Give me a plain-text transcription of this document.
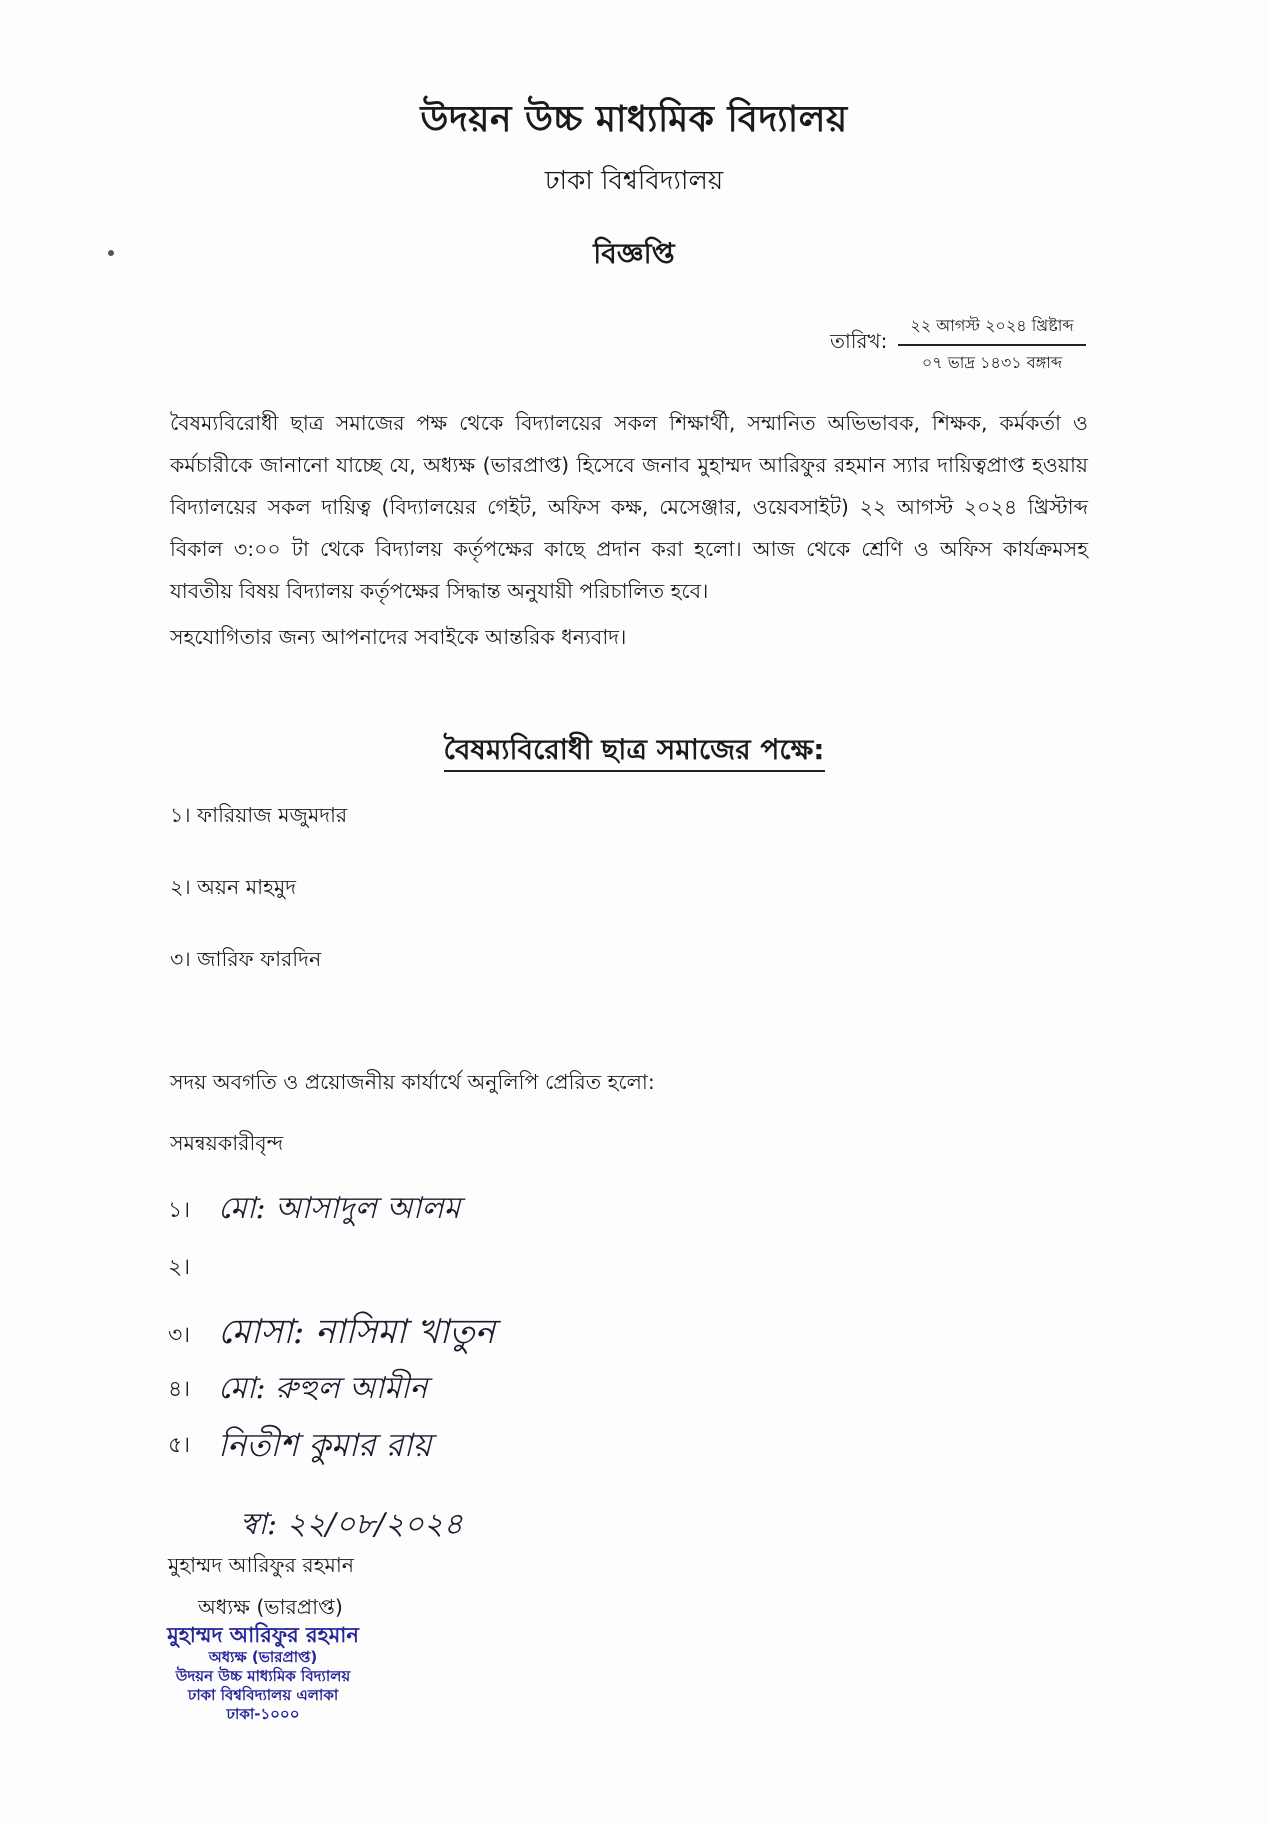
উদয়ন উচ্চ মাধ্যমিক বিদ্যালয়
ঢাকা বিশ্ববিদ্যালয়
বিজ্ঞপ্তি
তারিখ:
২২ আগস্ট ২০২৪ খ্রিষ্টাব্দ
০৭ ভাদ্র ১৪৩১ বঙ্গাব্দ
বৈষম্যবিরোধী ছাত্র সমাজের পক্ষ থেকে বিদ্যালয়ের সকল শিক্ষার্থী, সম্মানিত অভিভাবক, শিক্ষক, কর্মকর্তা ও কর্মচারীকে জানানো যাচ্ছে যে, অধ্যক্ষ (ভারপ্রাপ্ত) হিসেবে জনাব মুহাম্মদ আরিফুর রহমান স্যার দায়িত্বপ্রাপ্ত হওয়ায় বিদ্যালয়ের সকল দায়িত্ব (বিদ্যালয়ের গেইট, অফিস কক্ষ, মেসেঞ্জার, ওয়েবসাইট) ২২ আগস্ট ২০২৪ খ্রিস্টাব্দ বিকাল ৩:০০ টা থেকে বিদ্যালয় কর্তৃপক্ষের কাছে প্রদান করা হলো। আজ থেকে শ্রেণি ও অফিস কার্যক্রমসহ যাবতীয় বিষয় বিদ্যালয় কর্তৃপক্ষের সিদ্ধান্ত অনুযায়ী পরিচালিত হবে।
সহযোগিতার জন্য আপনাদের সবাইকে আন্তরিক ধন্যবাদ।
বৈষম্যবিরোধী ছাত্র সমাজের পক্ষে:
১। ফারিয়াজ মজুমদার
২। অয়ন মাহমুদ
৩। জারিফ ফারদিন
সদয় অবগতি ও প্রয়োজনীয় কার্যার্থে অনুলিপি প্রেরিত হলো:
সমন্বয়কারীবৃন্দ
১।
২।
৩।
৪।
৫।
মো: আসাদুল আলম
মোসা: নাসিমা খাতুন
মো: রুহুল আমীন
নিতীশ কুমার রায়
স্বা: ২২/০৮/২০২৪
মুহাম্মদ আরিফুর রহমান
অধ্যক্ষ (ভারপ্রাপ্ত)
মুহাম্মদ আরিফুর রহমান
অধ্যক্ষ (ভারপ্রাপ্ত)
উদয়ন উচ্চ মাধ্যমিক বিদ্যালয়
ঢাকা বিশ্ববিদ্যালয় এলাকা
ঢাকা-১০০০
